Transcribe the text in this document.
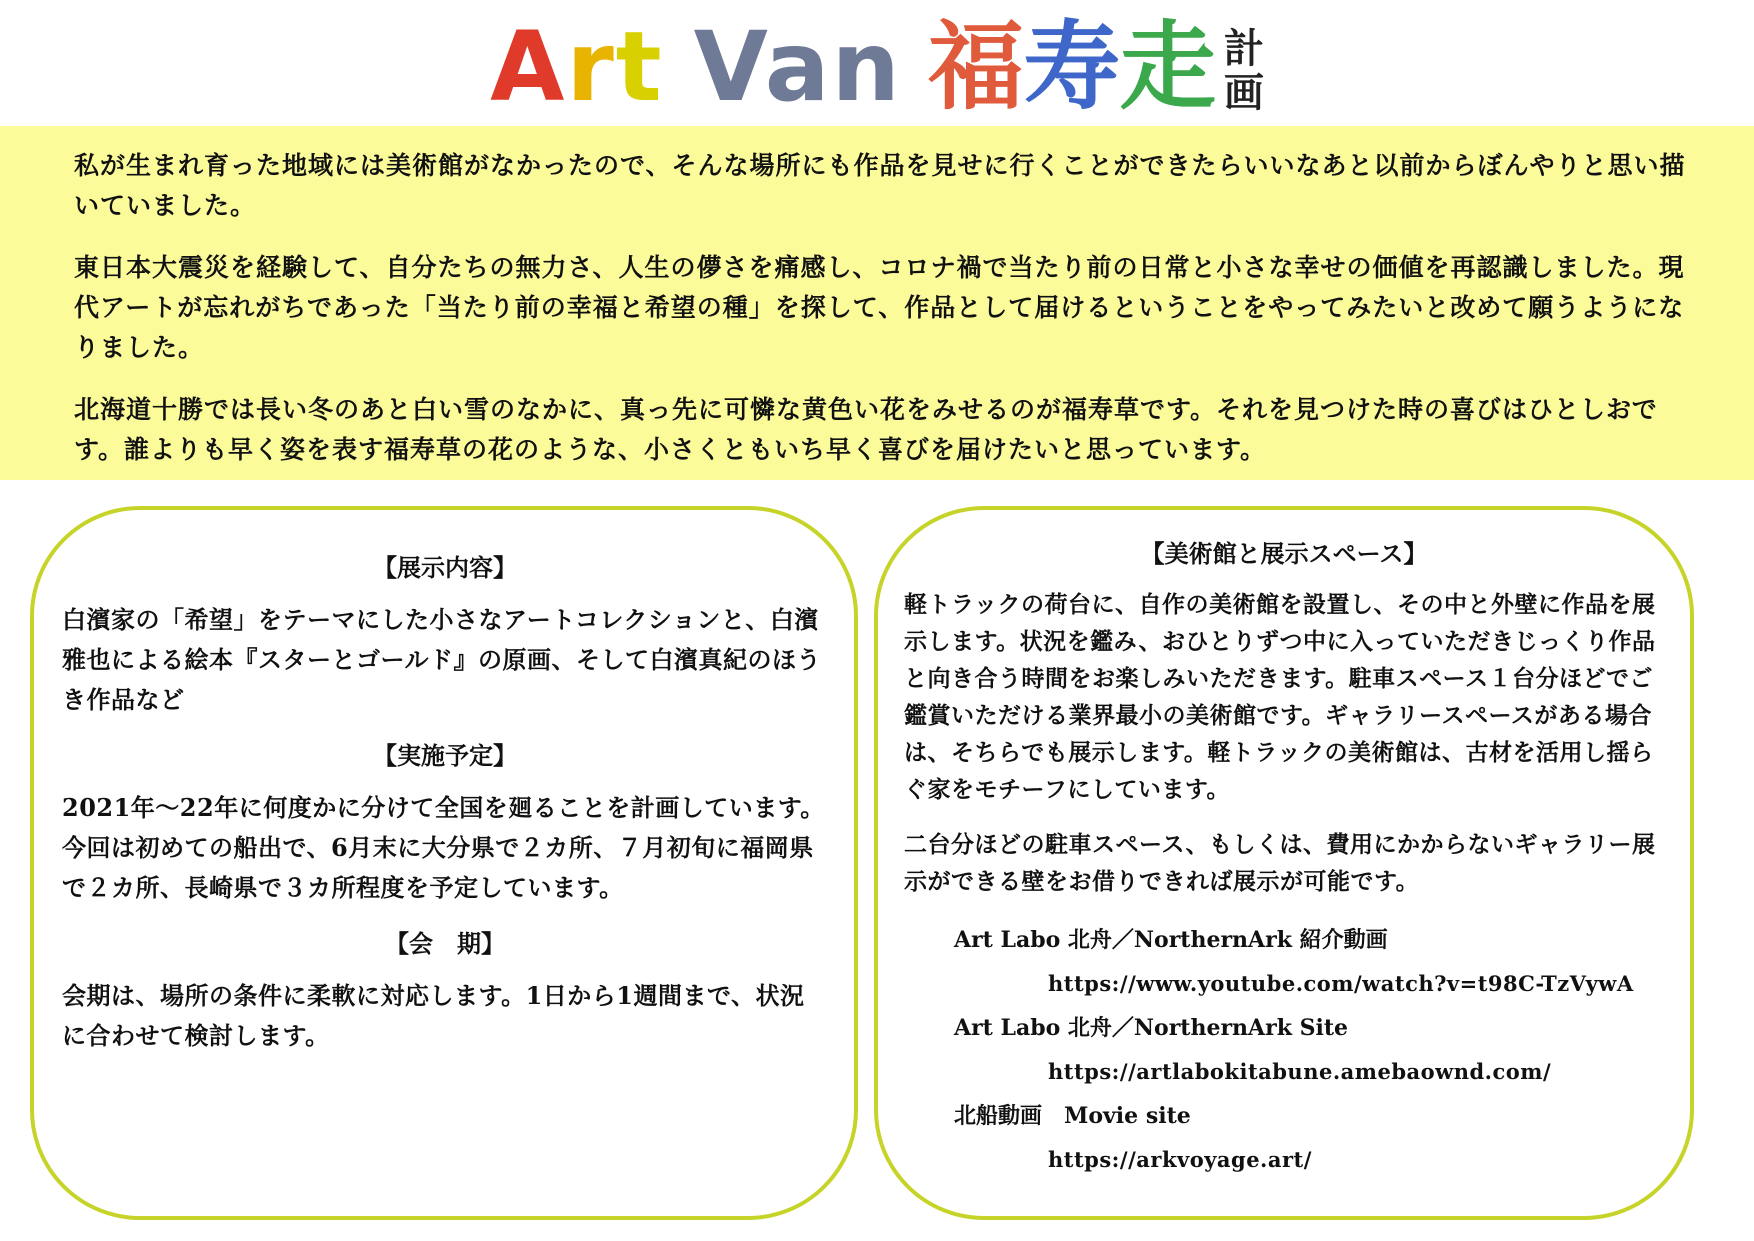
Art Van 福 寿 走 計
画

私が生まれ育った地域には美術館がなかったので、そんな場所にも作品を見せに行くことができたらいいなあと以前からぼんやりと思い描いていました。

東日本大震災を経験して、自分たちの無力さ、人生の儚さを痛感し、コロナ禍で当たり前の日常と小さな幸せの価値を再認識しました。現代アートが忘れがちであった「当たり前の幸福と希望の種」を探して、作品として届けるということをやってみたいと改めて願うようになりました。

北海道十勝では長い冬のあと白い雪のなかに、真っ先に可憐な黄色い花をみせるのが福寿草です。それを見つけた時の喜びはひとしおです。誰よりも早く姿を表す福寿草の花のような、小さくともいち早く喜びを届けたいと思っています。

【展示内容】
白濱家の「希望」をテーマにした小さなアートコレクションと、白濱雅也による絵本『スターとゴールド』の原画、そして白濱真紀のほうき作品など
【実施予定】
2021年～22年に何度かに分けて全国を廻ることを計画しています。今回は初めての船出で、6月末に大分県で２カ所、７月初旬に福岡県で２カ所、長崎県で３カ所程度を予定しています。
【会　期】
会期は、場所の条件に柔軟に対応します。1日から1週間まで、状況に合わせて検討します。
【美術館と展示スペース】
軽トラックの荷台に、自作の美術館を設置し、その中と外壁に作品を展示します。状況を鑑み、おひとりずつ中に入っていただきじっくり作品と向き合う時間をお楽しみいただきます。駐車スペース１台分ほどでご鑑賞いただける業界最小の美術館です。ギャラリースペースがある場合は、そちらでも展示します。軽トラックの美術館は、古材を活用し揺らぐ家をモチーフにしています。
二台分ほどの駐車スペース、もしくは、費用にかからないギャラリー展示ができる壁をお借りできれば展示が可能です。
Art Labo 北舟／NorthernArk 紹介動画
https://www.youtube.com/watch?v=t98C-TzVywA
Art Labo 北舟／NorthernArk Site
https://artlabokitabune.amebaownd.com/
北船動画　Movie site
https://arkvoyage.art/
